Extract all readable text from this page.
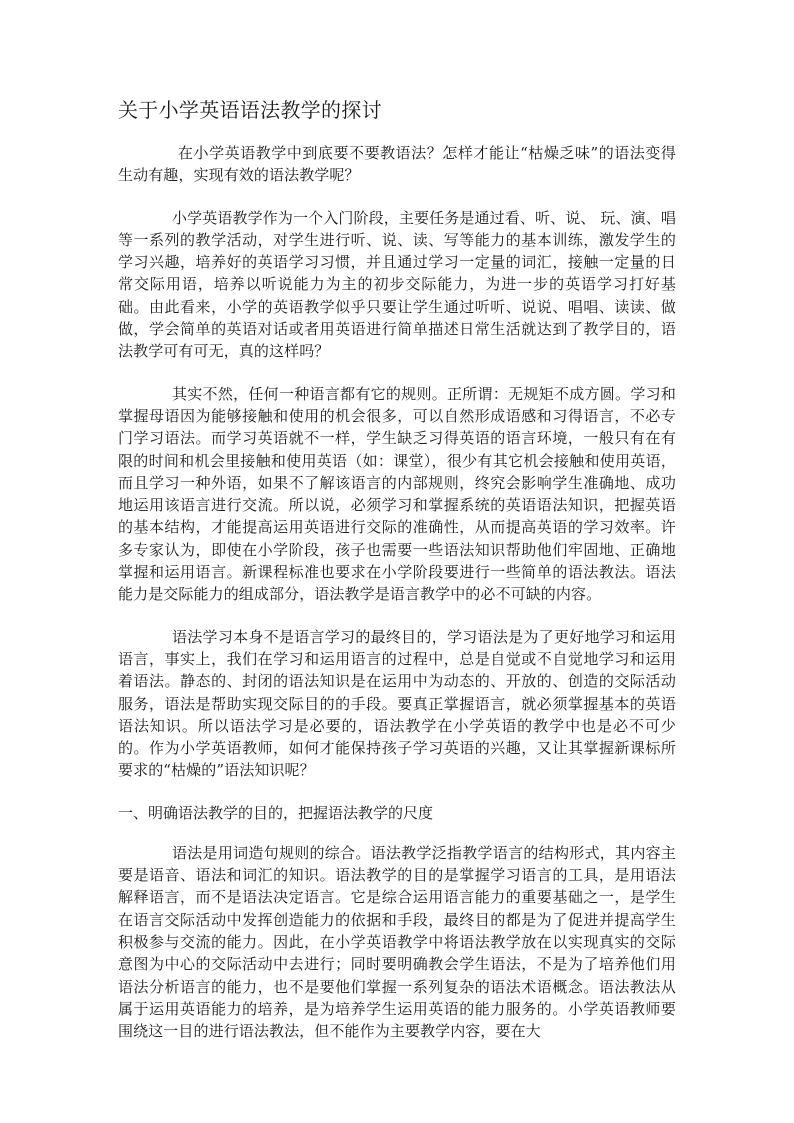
关于小学英语语法教学的探讨

在小学英语教学中到底要不要教语法？怎样才能让“枯燥乏味”的语法变得生动有趣，实现有效的语法教学呢？

小学英语教学作为一个入门阶段，主要任务是通过看、听、说、 玩、演、唱等一系列的教学活动，对学生进行听、说、读、写等能力的基本训练，激发学生的学习兴趣，培养好的英语学习习惯，并且通过学习一定量的词汇，接触一定量的日常交际用语，培养以听说能力为主的初步交际能力，为进一步的英语学习打好基础。由此看来，小学的英语教学似乎只要让学生通过听听、说说、唱唱、读读、做做，学会简单的英语对话或者用英语进行简单描述日常生活就达到了教学目的，语法教学可有可无，真的这样吗？

其实不然，任何一种语言都有它的规则。正所谓：无规矩不成方圆。学习和掌握母语因为能够接触和使用的机会很多，可以自然形成语感和习得语言，不必专门学习语法。而学习英语就不一样，学生缺乏习得英语的语言环境，一般只有在有限的时间和机会里接触和使用英语（如：课堂），很少有其它机会接触和使用英语，而且学习一种外语，如果不了解该语言的内部规则，终究会影响学生准确地、成功地运用该语言进行交流。所以说，必须学习和掌握系统的英语语法知识，把握英语的基本结构，才能提高运用英语进行交际的准确性，从而提高英语的学习效率。许多专家认为，即使在小学阶段，孩子也需要一些语法知识帮助他们牢固地、正确地掌握和运用语言。新课程标准也要求在小学阶段要进行一些简单的语法教法。语法能力是交际能力的组成部分，语法教学是语言教学中的必不可缺的内容。

语法学习本身不是语言学习的最终目的，学习语法是为了更好地学习和运用语言，事实上，我们在学习和运用语言的过程中，总是自觉或不自觉地学习和运用着语法。静态的、封闭的语法知识是在运用中为动态的、开放的、创造的交际活动服务，语法是帮助实现交际目的的手段。要真正掌握语言，就必须掌握基本的英语语法知识。所以语法学习是必要的，语法教学在小学英语的教学中也是必不可少的。作为小学英语教师，如何才能保持孩子学习英语的兴趣，又让其掌握新课标所要求的“枯燥的”语法知识呢？

一、明确语法教学的目的，把握语法教学的尺度

语法是用词造句规则的综合。语法教学泛指教学语言的结构形式，其内容主要是语音、语法和词汇的知识。语法教学的目的是掌握学习语言的工具，是用语法解释语言，而不是语法决定语言。它是综合运用语言能力的重要基础之一，是学生在语言交际活动中发挥创造能力的依据和手段，最终目的都是为了促进并提高学生积极参与交流的能力。因此，在小学英语教学中将语法教学放在以实现真实的交际意图为中心的交际活动中去进行；同时要明确教会学生语法，不是为了培养他们用语法分析语言的能力，也不是要他们掌握一系列复杂的语法术语概念。语法教法从属于运用英语能力的培养，是为培养学生运用英语的能力服务的。小学英语教师要围绕这一目的进行语法教法，但不能作为主要教学内容，要在大
